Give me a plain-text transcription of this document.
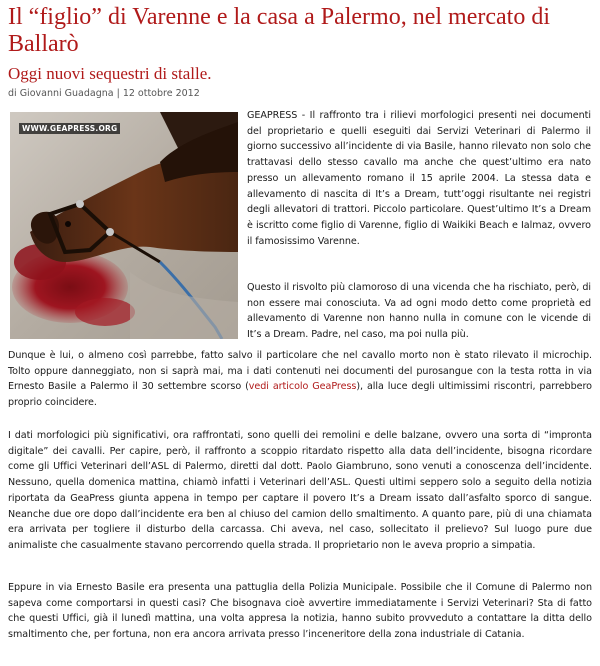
Il “figlio” di Varenne e la casa a Palermo, nel mercato di Ballarò
Oggi nuovi sequestri di stalle.
di Giovanni Guadagna | 12 ottobre 2012
WWW.GEAPRESS.ORG

GEAPRESS - Il raffronto tra i rilievi morfologici presenti nei documenti del proprietario e quelli eseguiti dai Servizi Veterinari di Palermo il giorno successivo all’incidente di via Basile, hanno rilevato non solo che trattavasi dello stesso cavallo ma anche che quest’ultimo era nato presso un allevamento romano il 15 aprile 2004. La stessa data e allevamento di nascita di It’s a Dream, tutt’oggi risultante nei registri degli allevatori di trattori. Piccolo particolare. Quest’ultimo It’s a Dream è iscritto come figlio di Varenne, figlio di Waikiki Beach e Ialmaz, ovvero il famosissimo Varenne.

Questo il risvolto più clamoroso di una vicenda che ha rischiato, però, di non essere mai conosciuta. Va ad ogni modo detto come proprietà ed allevamento di Varenne non hanno nulla in comune con le vicende di It’s a Dream. Padre, nel caso, ma poi nulla più.

Dunque è lui, o almeno così parrebbe, fatto salvo il particolare che nel cavallo morto non è stato rilevato il microchip. Tolto oppure danneggiato, non si saprà mai, ma i dati contenuti nei documenti del purosangue con la testa rotta in via Ernesto Basile a Palermo il 30 settembre scorso (vedi articolo GeaPress), alla luce degli ultimissimi riscontri, parrebbero proprio coincidere.

I dati morfologici più significativi, ora raffrontati, sono quelli dei remolini e delle balzane, ovvero una sorta di “impronta digitale” dei cavalli. Per capire, però, il raffronto a scoppio ritardato rispetto alla data dell’incidente, bisogna ricordare come gli Uffici Veterinari dell’ASL di Palermo, diretti dal dott. Paolo Giambruno, sono venuti a conoscenza dell’incidente. Nessuno, quella domenica mattina, chiamò infatti i Veterinari dell’ASL. Questi ultimi seppero solo a seguito della notizia riportata da GeaPress giunta appena in tempo per captare il povero It’s a Dream issato dall’asfalto sporco di sangue. Neanche due ore dopo dall’incidente era ben al chiuso del camion dello smaltimento. A quanto pare, più di una chiamata era arrivata per togliere il disturbo della carcassa. Chi aveva, nel caso, sollecitato il prelievo? Sul luogo pure due animaliste che casualmente stavano percorrendo quella strada. Il proprietario non le aveva proprio a simpatia.

Eppure in via Ernesto Basile era presenta una pattuglia della Polizia Municipale. Possibile che il Comune di Palermo non sapeva come comportarsi in questi casi? Che bisognava cioè avvertire immediatamente i Servizi Veterinari? Sta di fatto che questi Uffici, già il lunedì mattina, una volta appresa la notizia, hanno subito provveduto a contattare la ditta dello smaltimento che, per fortuna, non era ancora arrivata presso l’inceneritore della zona industriale di Catania.
